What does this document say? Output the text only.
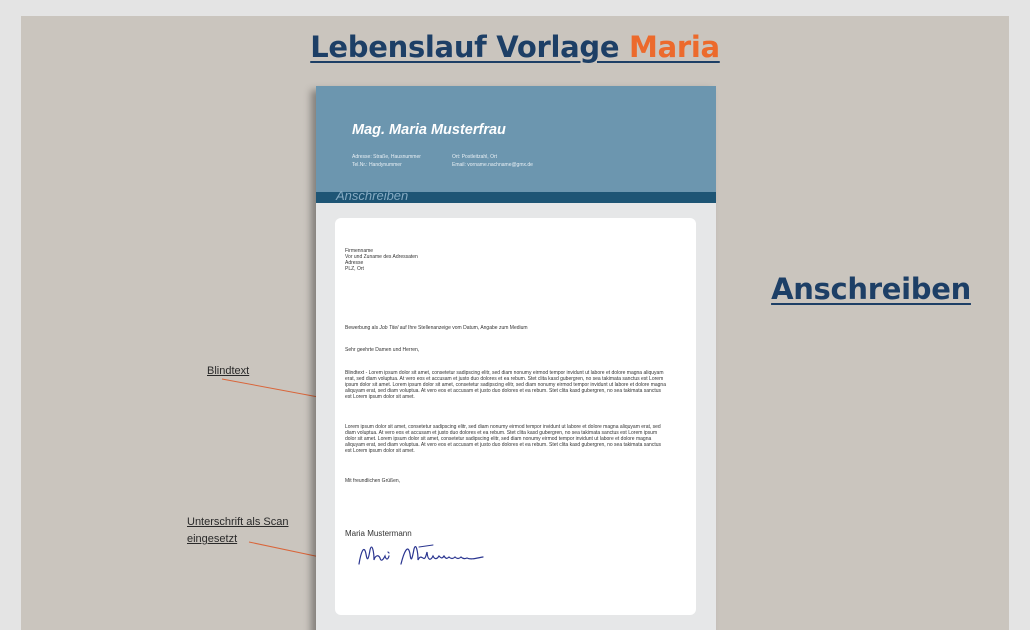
Lebenslauf Vorlage Maria
Anschreiben
Blindtext
Unterschrift als Scan
eingesetzt
Mag. Maria Musterfrau
Adresse: Straße, Hausnummer
Tel.Nr.: Handynummer
Ort: Postleitzahl, Ort
Email: vorname.nachname@gmx.de
Anschreiben
Firmenname
Vor und Zuname des Adressaten
Adresse
PLZ, Ort
Bewerbung als Job Titel auf Ihre Stellenanzeige vom Datum, Angabe zum Medium
Sehr geehrte Damen und Herren,
Blindtext - Lorem ipsum dolor sit amet, consetetur sadipscing elitr, sed diam nonumy eirmod tempor invidunt ut labore et dolore magna aliquyam erat, sed diam voluptua. At vero eos et accusam et justo duo dolores et ea rebum. Stet clita kasd gubergren, no sea takimata sanctus est Lorem ipsum dolor sit amet. Lorem ipsum dolor sit amet, consetetur sadipscing elitr, sed diam nonumy eirmod tempor invidunt ut labore et dolore magna aliquyam erat, sed diam voluptua. At vero eos et accusam et justo duo dolores et ea rebum. Stet clita kasd gubergren, no sea takimata sanctus est Lorem ipsum dolor sit amet.
Lorem ipsum dolor sit amet, consetetur sadipscing elitr, sed diam nonumy eirmod tempor invidunt ut labore et dolore magna aliquyam erat, sed diam voluptua. At vero eos et accusam et justo duo dolores et ea rebum. Stet clita kasd gubergren, no sea takimata sanctus est Lorem ipsum dolor sit amet. Lorem ipsum dolor sit amet, consetetur sadipscing elitr, sed diam nonumy eirmod tempor invidunt ut labore et dolore magna aliquyam erat, sed diam voluptua. At vero eos et accusam et justo duo dolores et ea rebum. Stet clita kasd gubergren, no sea takimata sanctus est Lorem ipsum dolor sit amet.
Mit freundlichen Grüßen,
Maria Mustermann
